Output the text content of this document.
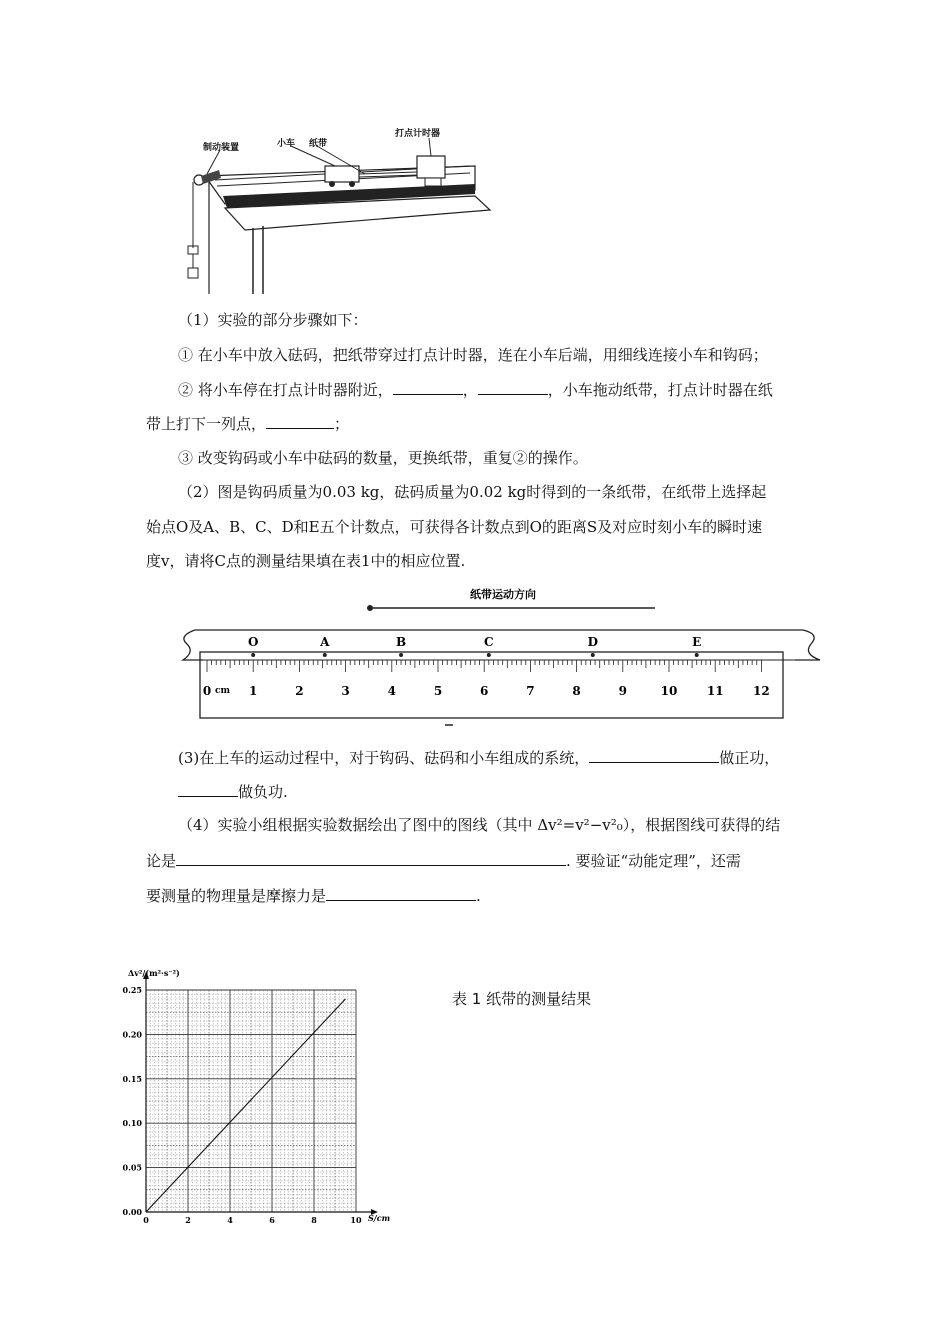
制动装置	小车 纸带
打点计时器
（1）实验的部分步骤如下：
① 在小车中放入砝码，把纸带穿过打点计时器，连在小车后端，用细线连接小车和钩码；
② 将小车停在打点计时器附近，	，	，小车拖动纸带，打点计时器在纸
带上打下一列点，	；
③ 改变钩码或小车中砝码的数量，更换纸带，重复②的操作。
（2）图是钩码质量为0.03 kg，砝码质量为0.02 kg时得到的一条纸带，在纸带上选择起
始点O及A、B、C、D和E五个计数点，可获得各计数点到O的距离S及对应时刻小车的瞬时速
度v，请将C点的测量结果填在表1中的相应位置.
纸带运动方向
0	1	2	3	4	5	6	7	8	9	10 11 12
cm
O	A	B	C	D	E
(3)在上车的运动过程中，对于钩码、砝码和小车组成的系统，	做正功，
做负功.
（4）实验小组根据实验数据绘出了图中的图线（其中 Δv²=v²−v²₀），根据图线可获得的结
论是	. 要验证“动能定理”，还需
要测量的物理量是摩擦力是	.
0	2	4	6	8	10
0.00
0.05
0.10
0.15
0.20
0.25
Δv²/(m²·s⁻²)
S/cm
表 1 纸带的测量结果
